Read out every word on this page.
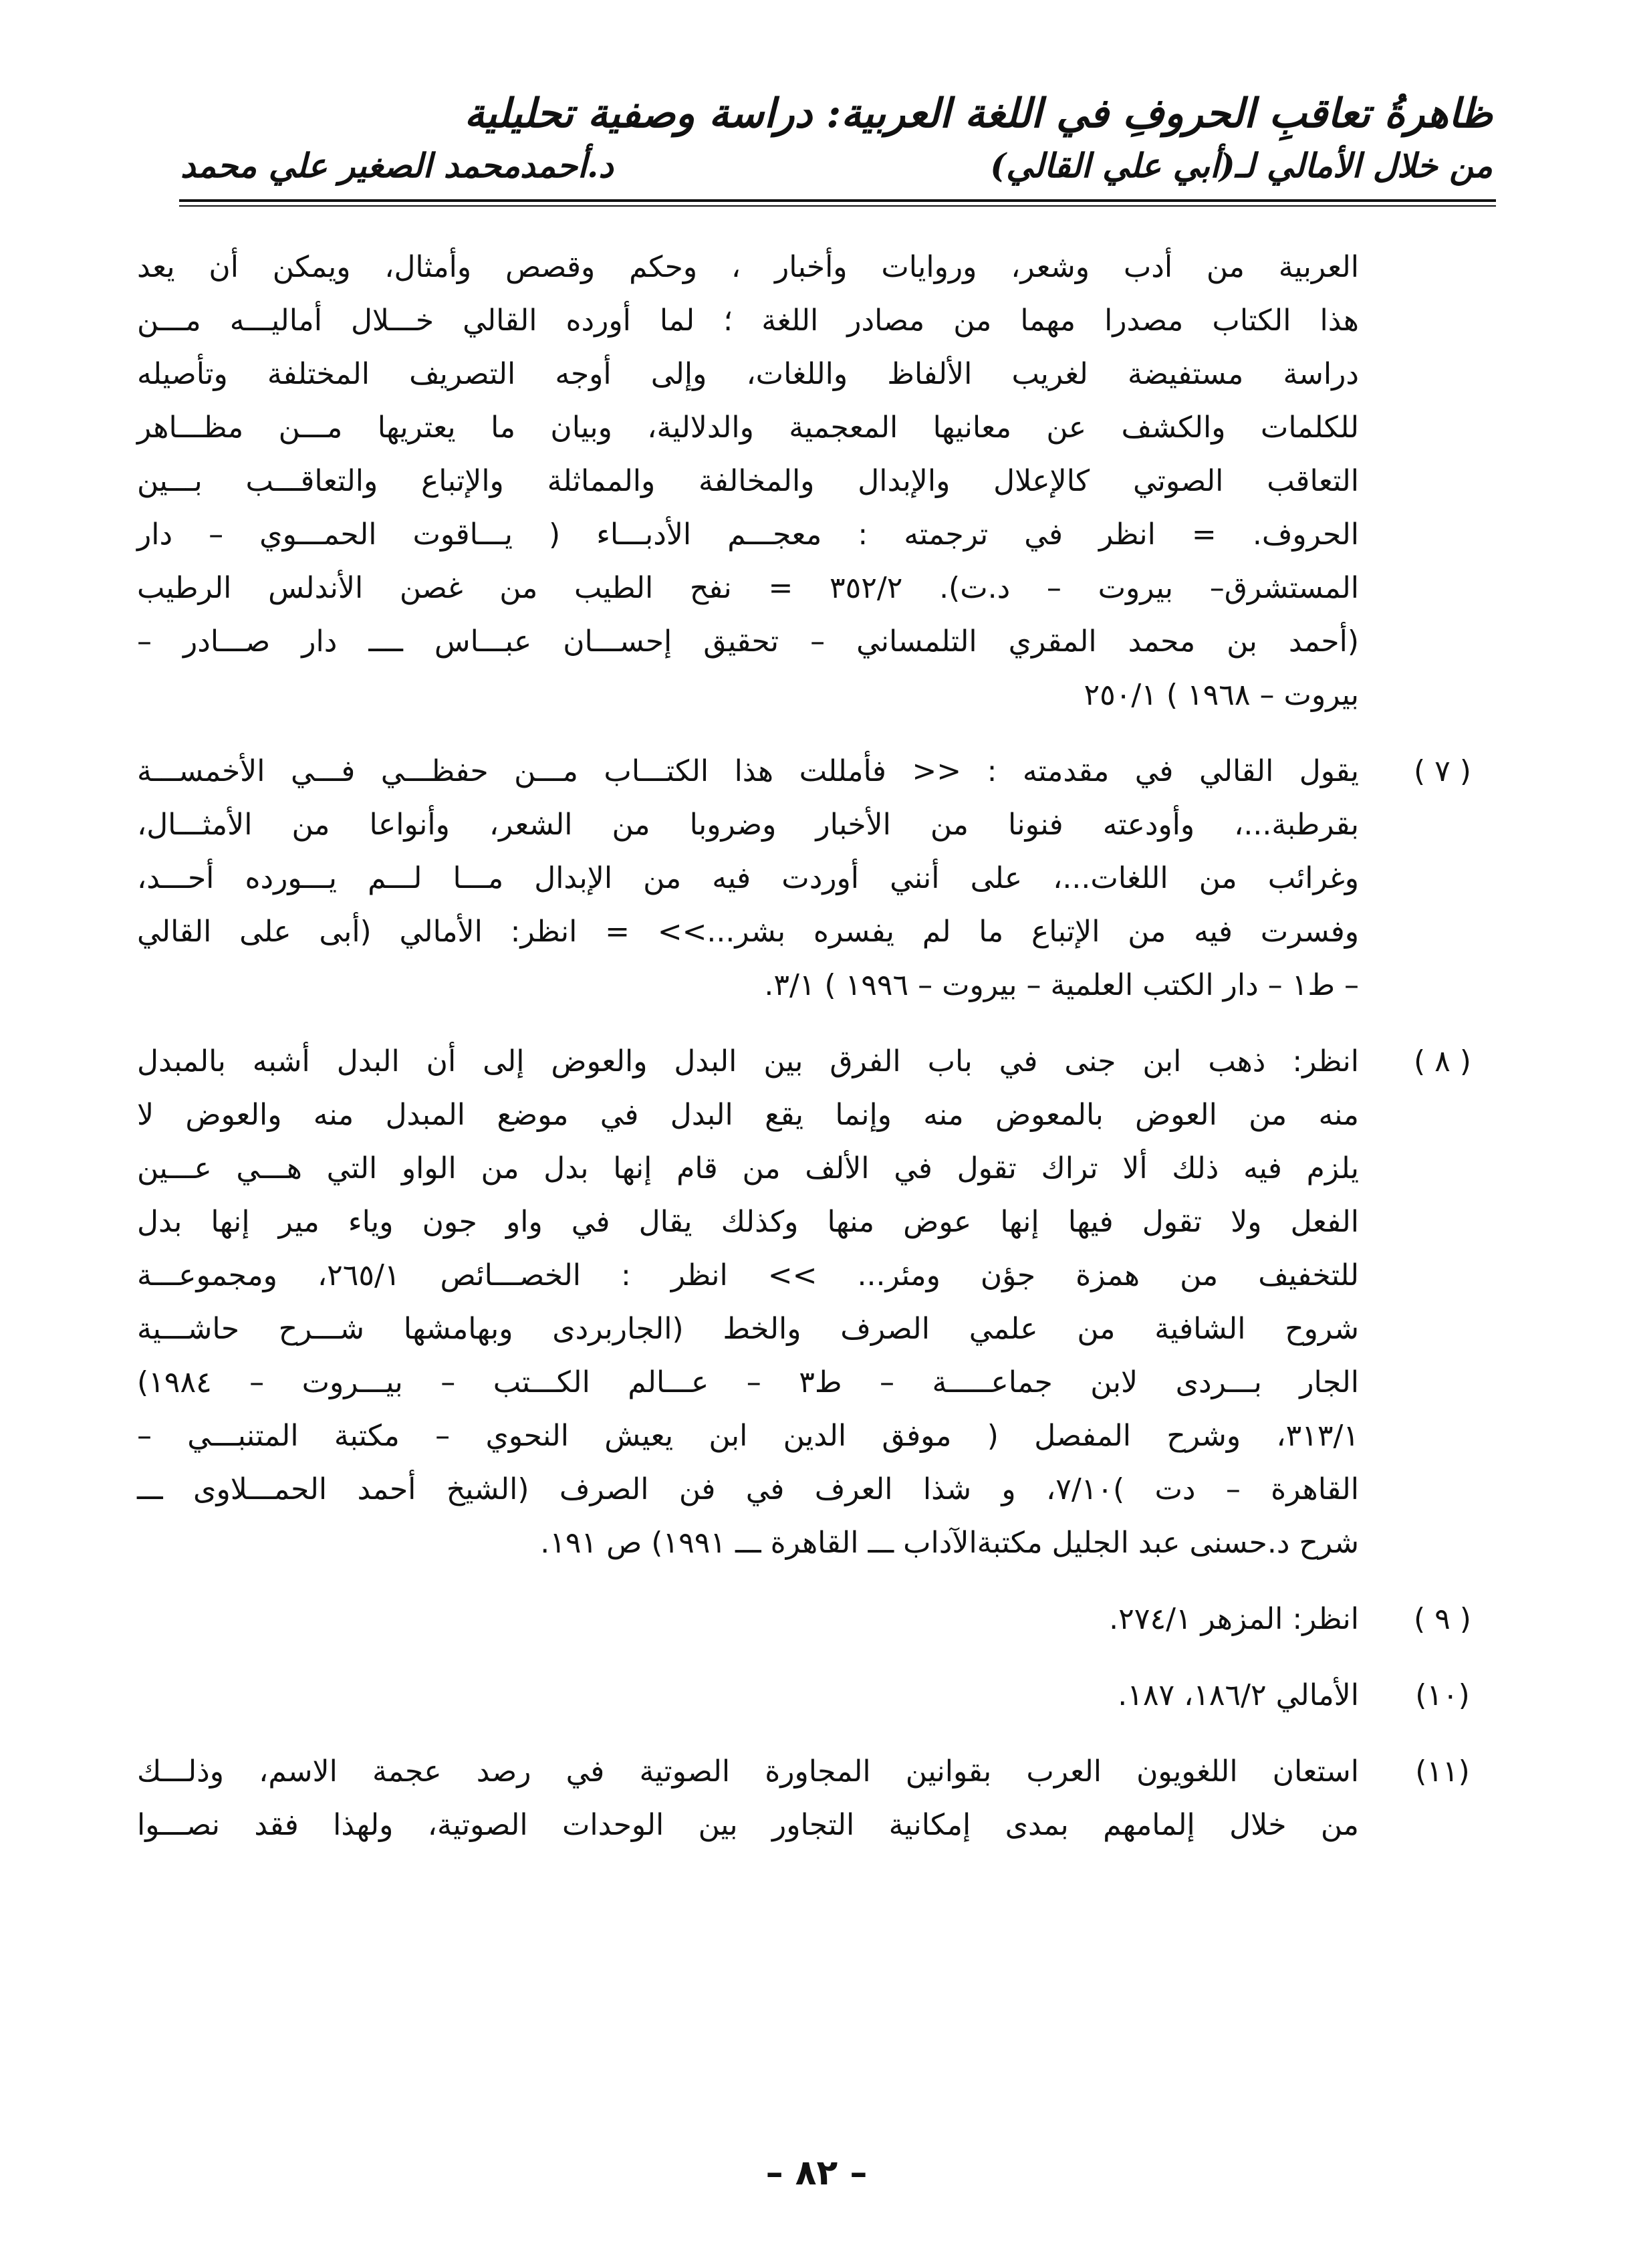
ظاهرةُ تعاقبِ الحروفِ في اللغة العربية: دراسة وصفية تحليلية
من خلال الأمالي لـ(أبي علي القالي)
د.أحمدمحمد الصغير علي محمد
العربية من أدب وشعر، وروايات وأخبار ، وحكم وقصص وأمثال، ويمكن أن يعد
هذا الكتاب مصدرا مهما من مصادر اللغة ؛ لما أورده القالي خـــلال أماليـــه مـــن
دراسة مستفيضة لغريب الألفاظ واللغات، وإلى أوجه التصريف المختلفة وتأصيله
للكلمات والكشف عن معانيها المعجمية والدلالية، وبيان ما يعتريها مـــن مظـــاهر
التعاقب الصوتي كالإعلال والإبدال والمخالفة والمماثلة والإتباع والتعاقـــب بـــين
الحروف. = انظر في ترجمته : معجـــم الأدبـــاء ( يـــاقوت الحمـــوي – دار
المستشرق– بيروت – د.ت). ٣٥٢/٢ = نفح الطيب من غصن الأندلس الرطيب
(أحمد بن محمد المقري التلمساني – تحقيق إحســـان عبـــاس ــــ دار صـــادر –
بيروت – ١٩٦٨ ) ٢٥٠/١
( ٧ )
يقول القالي في مقدمته : << فأمللت هذا الكتـــاب مـــن حفظـــي فـــي الأخمســـة
بقرطبة...، وأودعته فنونا من الأخبار وضروبا من الشعر، وأنواعا من الأمثـــال،
وغرائب من اللغات...، على أنني أوردت فيه من الإبدال مـــا لـــم يـــورده أحـــد،
وفسرت فيه من الإتباع ما لم يفسره بشر...>> = انظر: الأمالي (أبى على القالي
– ط١ – دار الكتب العلمية – بيروت – ١٩٩٦ ) ٣/١.
( ٨ )
انظر: ذهب ابن جنى في باب الفرق بين البدل والعوض إلى أن البدل أشبه بالمبدل
منه من العوض بالمعوض منه وإنما يقع البدل في موضع المبدل منه والعوض لا
يلزم فيه ذلك ألا تراك تقول في الألف من قام إنها بدل من الواو التي هـــي عـــين
الفعل ولا تقول فيها إنها عوض منها وكذلك يقال في واو جون وياء مير إنها بدل
للتخفيف من همزة جؤن ومئر... >> انظر : الخصـــائص ٢٦٥/١، ومجموعـــة
شروح الشافية من علمي الصرف والخط (الجاربردى وبهامشها شـــرح حاشـــية
الجار بـــردى لابن جماعـــــة – ط٣ – عـــالم الكـــتب – بيـــروت – ١٩٨٤)
٣١٣/١، وشرح المفصل ( موفق الدين ابن يعيش النحوي – مكتبة المتنبـــي –
القاهرة – دت )٧/١٠، و شذا العرف في فن الصرف (الشيخ أحمد الحمـــلاوى ـــ
شرح د.حسنى عبد الجليل مكتبةالآداب ـــ القاهرة ـــ ١٩٩١) ص ١٩١.
( ٩ )
انظر: المزهر ٢٧٤/١.
(١٠)
الأمالي ١٨٦/٢، ١٨٧.
(١١)
استعان اللغويون العرب بقوانين المجاورة الصوتية في رصد عجمة الاسم، وذلـــك
من خلال إلمامهم بمدى إمكانية التجاور بين الوحدات الصوتية، ولهذا فقد نصـــوا
– ٨٢ –
